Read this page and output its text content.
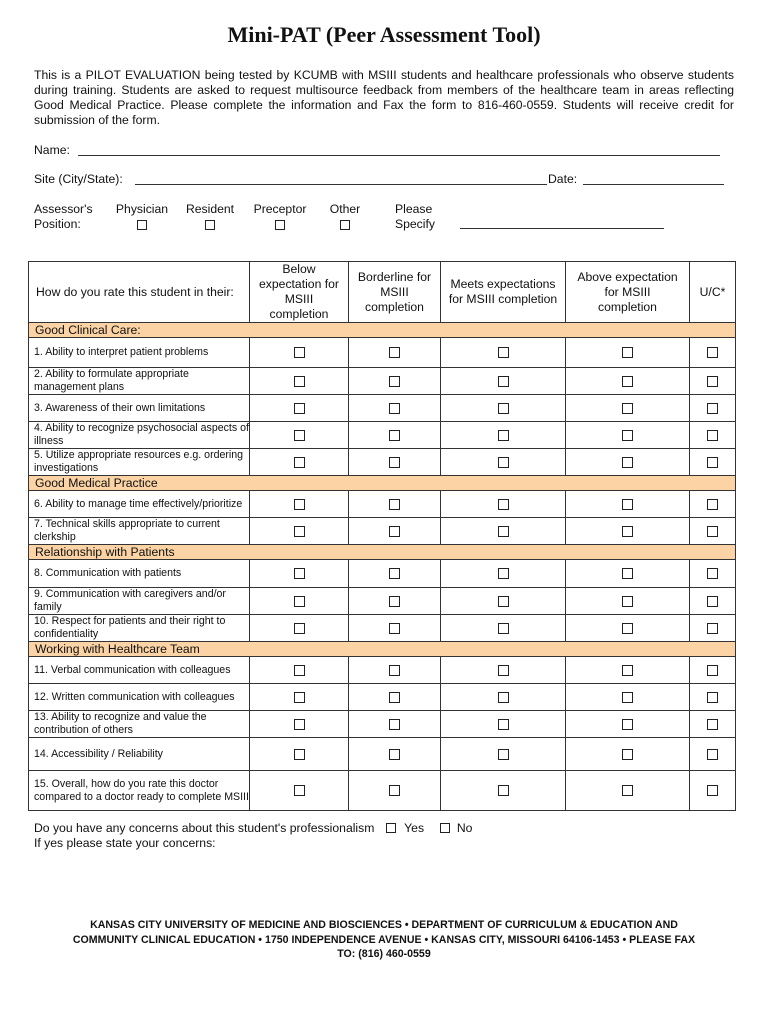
Mini-PAT (Peer Assessment Tool)
This is a PILOT EVALUATION being tested by KCUMB with MSIII students and healthcare professionals who observe students during training. Students are asked to request multisource feedback from members of the healthcare team in areas reflecting Good Medical Practice. Please complete the information and Fax the form to 816-460-0559. Students will receive credit for submission of the form.
Name:
Site (City/State):	Date:
Assessor's
Position:
Physician	Resident	Preceptor	Other	Please
Specify
How do you rate this student in their:	Below expectation for MSIII completion	Borderline for MSIII completion	Meets expectations for MSIII completion	Above expectation for MSIII completion	U/C*
Good Clinical Care:					
1. Ability to interpret patient problems					
2. Ability to formulate appropriate management plans					
3. Awareness of their own limitations					
4. Ability to recognize psychosocial aspects of illness					
5. Utilize appropriate resources e.g. ordering investigations					
Good Medical Practice					
6. Ability to manage time effectively/prioritize					
7. Technical skills appropriate to current clerkship					
Relationship with Patients					
8. Communication with patients					
9. Communication with caregivers and/or family					
10. Respect for patients and their right to confidentiality					
Working with Healthcare Team					
11. Verbal communication with colleagues					
12. Written communication with colleagues					
13. Ability to recognize and value the contribution of others					
14. Accessibility / Reliability					
15. Overall, how do you rate this doctor compared to a doctor ready to complete MSIII					
Do you have any concerns about this student's professionalism Yes	No
If yes please state your concerns:
KANSAS CITY UNIVERSITY OF MEDICINE AND BIOSCIENCES • DEPARTMENT OF CURRICULUM & EDUCATION AND
COMMUNITY CLINICAL EDUCATION • 1750 INDEPENDENCE AVENUE • KANSAS CITY, MISSOURI 64106-1453 • PLEASE FAX
TO: (816) 460-0559
